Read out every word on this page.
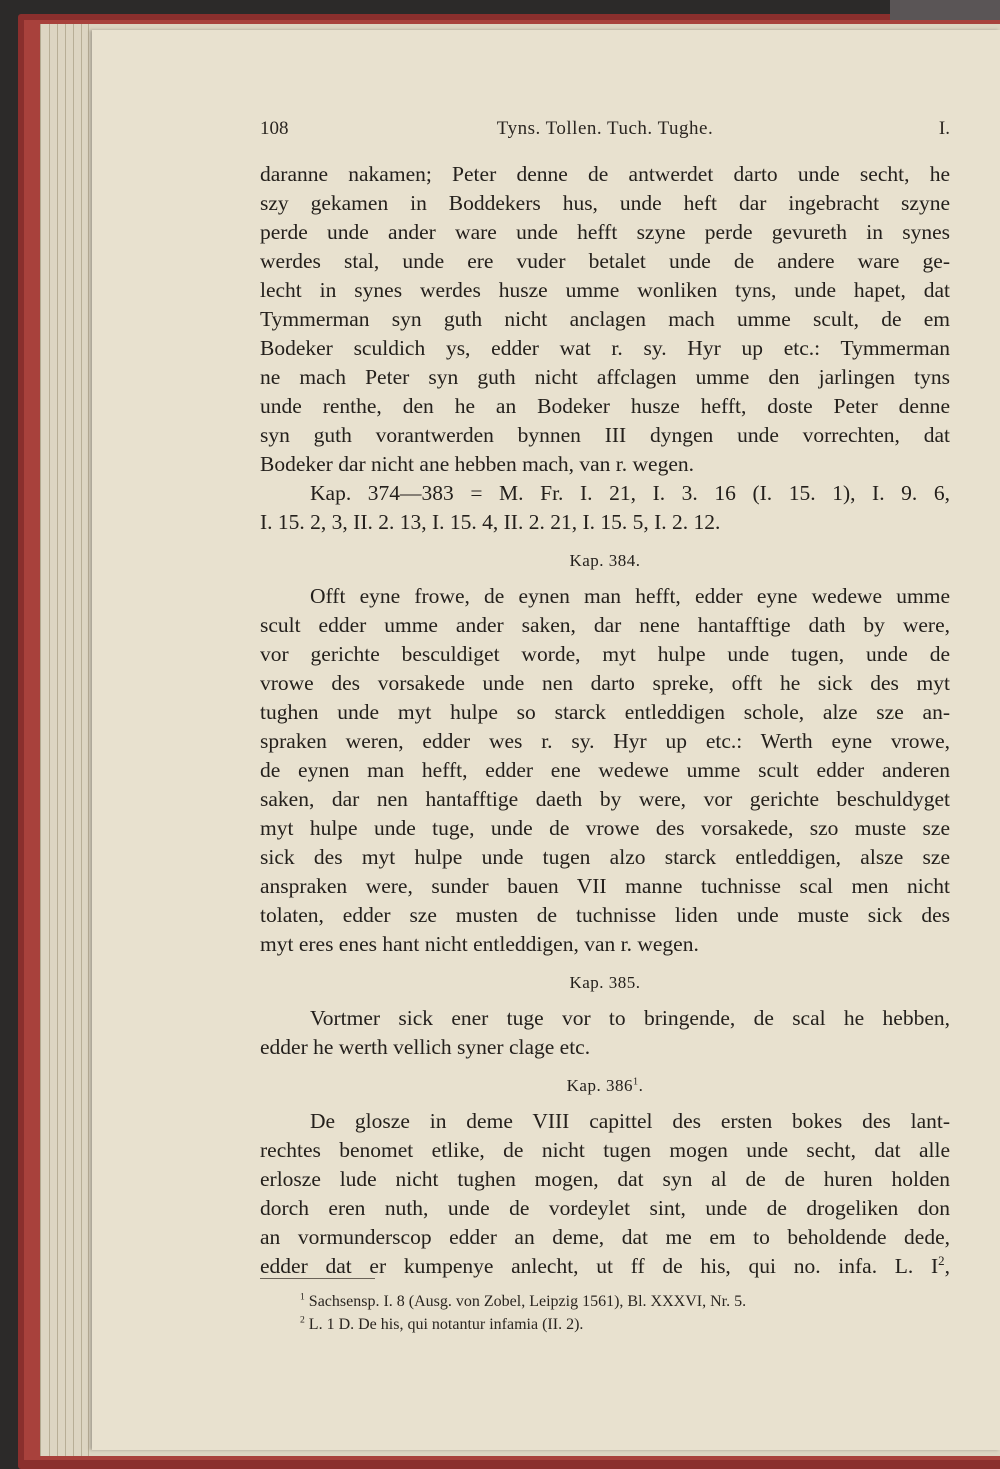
108	Tyns. Tollen. Tuch. Tughe.	I.

daranne nakamen; Peter denne de antwerdet darto unde secht, he

szy gekamen in Boddekers hus, unde heft dar ingebracht szyne

perde unde ander ware unde hefft szyne perde gevureth in synes

werdes stal, unde ere vuder betalet unde de andere ware ge-

lecht in synes werdes husze umme wonliken tyns, unde hapet, dat

Tymmerman syn guth nicht anclagen mach umme scult, de em

Bodeker sculdich ys, edder wat r. sy. Hyr up etc.: Tymmerman

ne mach Peter syn guth nicht affclagen umme den jarlingen tyns

unde renthe, den he an Bodeker husze hefft, doste Peter denne

syn guth vorantwerden bynnen III dyngen unde vorrechten, dat

Bodeker dar nicht ane hebben mach, van r. wegen.

Kap. 374—383 = M. Fr. I. 21, I. 3. 16 (I. 15. 1), I. 9. 6,

I. 15. 2, 3, II. 2. 13, I. 15. 4, II. 2. 21, I. 15. 5, I. 2. 12.

Kap. 384.

Offt eyne frowe, de eynen man hefft, edder eyne wedewe umme

scult edder umme ander saken, dar nene hantafftige dath by were,

vor gerichte besculdiget worde, myt hulpe unde tugen, unde de

vrowe des vorsakede unde nen darto spreke, offt he sick des myt

tughen unde myt hulpe so starck entleddigen schole, alze sze an-

spraken weren, edder wes r. sy. Hyr up etc.: Werth eyne vrowe,

de eynen man hefft, edder ene wedewe umme scult edder anderen

saken, dar nen hantafftige daeth by were, vor gerichte beschuldyget

myt hulpe unde tuge, unde de vrowe des vorsakede, szo muste sze

sick des myt hulpe unde tugen alzo starck entleddigen, alsze sze

anspraken were, sunder bauen VII manne tuchnisse scal men nicht

tolaten, edder sze musten de tuchnisse liden unde muste sick des

myt eres enes hant nicht entleddigen, van r. wegen.

Kap. 385.

Vortmer sick ener tuge vor to bringende, de scal he hebben,

edder he werth vellich syner clage etc.

Kap. $386^1$.

De glosze in deme VIII capittel des ersten bokes des lant-

rechtes benomet etlike, de nicht tugen mogen unde secht, dat alle

erlosze lude nicht tughen mogen, dat syn al de de huren holden

dorch eren nuth, unde de vordeylet sint, unde de drogeliken don

an vormunderscop edder an deme, dat me em to beholdende dede,

edder dat er kumpenye anlecht, ut ff de his, qui no. infa. L. $I^2$,

$^1$ Sachsensp. I. 8 (Ausg. von Zobel, Leipzig 1561), Bl. XXXVI, Nr. 5.
$^2$ L. 1 D. De his, qui notantur infamia (II. 2).
